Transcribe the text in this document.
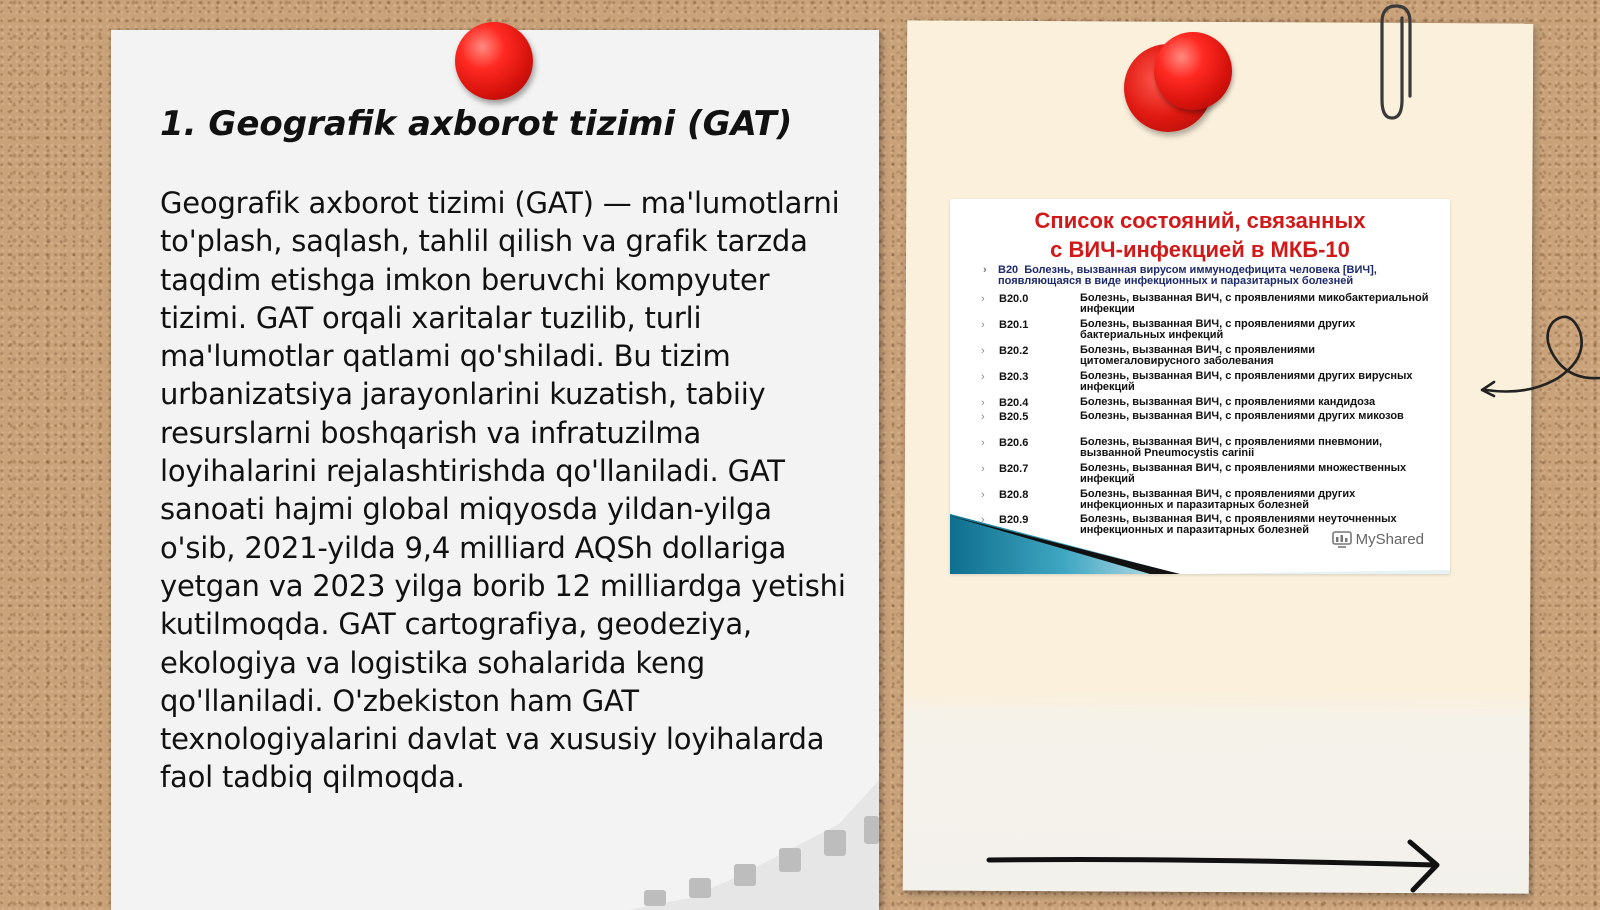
1. Geografik axborot tizimi (GAT)

Geografik axborot tizimi (GAT) — ma'lumotlarni to'plash, saqlash, tahlil qilish va grafik tarzda taqdim etishga imkon beruvchi kompyuter tizimi. GAT orqali xaritalar tuzilib, turli ma'lumotlar qatlami qo'shiladi. Bu tizim urbanizatsiya jarayonlarini kuzatish, tabiiy resurslarni boshqarish va infratuzilma loyihalarini rejalashtirishda qo'llaniladi. GAT sanoati hajmi global miqyosda yildan-yilga o'sib, 2021-yilda 9,4 milliard AQSh dollariga yetgan va 2023 yilga borib 12 milliardga yetishi kutilmoqda. GAT cartografiya, geodeziya, ekologiya va logistika sohalarida keng qo'llaniladi. O'zbekiston ham GAT texnologiyalarini davlat va xususiy loyihalarda faol tadbiq qilmoqda.

Список состояний, связанных
с ВИЧ-инфекцией в МКБ-10
› B20 Болезнь, вызванная вирусом иммунодефицита человека [ВИЧ], появляющаяся в виде инфекционных и паразитарных болезней
› B20.0	Болезнь, вызванная ВИЧ, с проявлениями микобактериальной инфекции
› B20.1	Болезнь, вызванная ВИЧ, с проявлениями других бактериальных инфекций
› B20.2	Болезнь, вызванная ВИЧ, с проявлениями цитомегаловирусного заболевания
› B20.3	Болезнь, вызванная ВИЧ, с проявлениями других вирусных инфекций
› B20.4	Болезнь, вызванная ВИЧ, с проявлениями кандидоза
› B20.5	Болезнь, вызванная ВИЧ, с проявлениями других микозов
› B20.6	Болезнь, вызванная ВИЧ, с проявлениями пневмонии, вызванной Pneumocystis carinii
› B20.7	Болезнь, вызванная ВИЧ, с проявлениями множественных инфекций
› B20.8	Болезнь, вызванная ВИЧ, с проявлениями других инфекционных и паразитарных болезней
› B20.9	Болезнь, вызванная ВИЧ, с проявлениями неуточненных инфекционных и паразитарных болезней
MyShared
